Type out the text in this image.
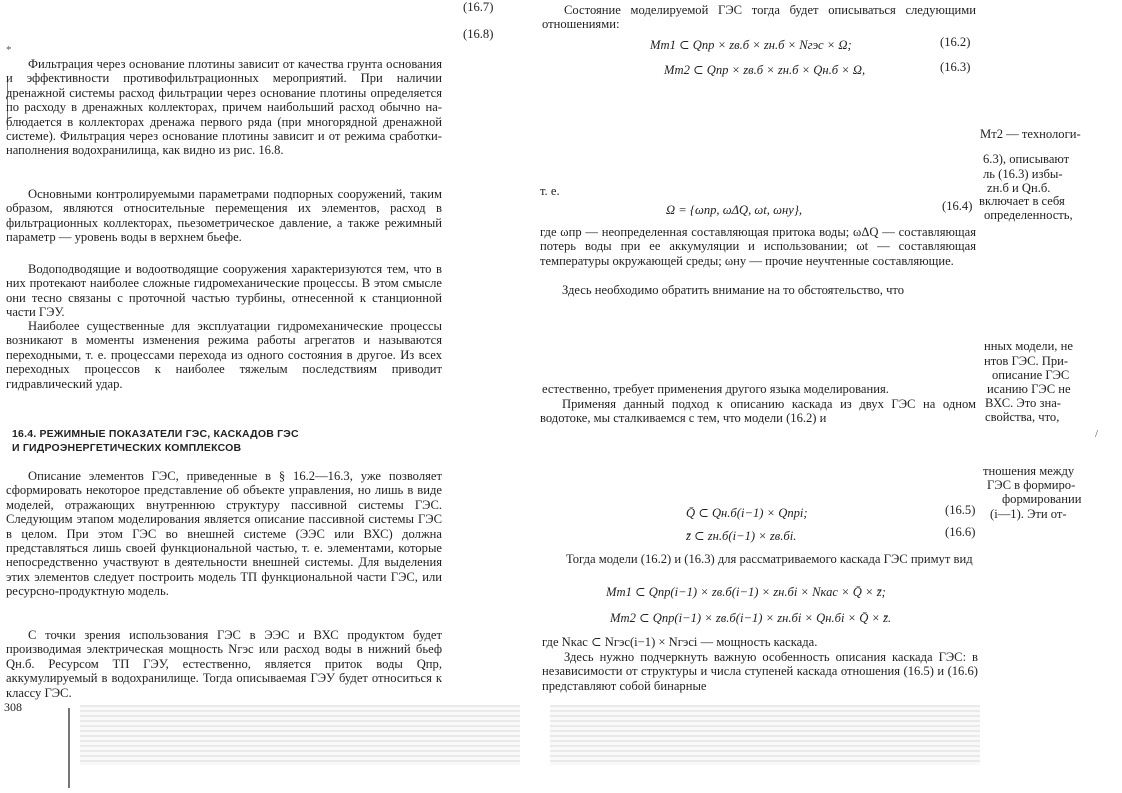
(16.7)
(16.8)
*

Фильтрация через основание плотины зависит от качества грунта основания и эффективности противофильтрационных мероприятий. При наличии дренажной системы расход фильтрации через основание плотины определяется по расходу в дренажных коллекторах, причем наибольший расход обычно наблюдается в коллекторах дренажа первого ряда (при многорядной дренажной системе). Фильтрация через основание плотины зависит и от режима сработки-наполнения водохранилища, как видно из рис. 16.8.

Основными контролируемыми параметрами подпорных сооружений, таким образом, являются относительные перемещения их элементов, расход в фильтрационных коллекторах, пьезометрическое давление, а также режимный параметр — уровень воды в верхнем бьефе.

Водоподводящие и водоотводящие сооружения характеризуются тем, что в них протекают наиболее сложные гидромеханические процессы. В этом смысле они тесно связаны с проточной частью турбины, отнесенной к станционной части ГЭУ.

Наиболее существенные для эксплуатации гидромеханические процессы возникают в моменты изменения режима работы агрегатов и называются переходными, т. е. процессами перехода из одного состояния в другое. Из всех переходных процессов к наиболее тяжелым последствиям приводит гидравлический удар.

16.4. РЕЖИМНЫЕ ПОКАЗАТЕЛИ ГЭС, КАСКАДОВ ГЭС
И ГИДРОЭНЕРГЕТИЧЕСКИХ КОМПЛЕКСОВ

Описание элементов ГЭС, приведенные в § 16.2—16.3, уже позволяет сформировать некоторое представление об объекте управления, но лишь в виде моделей, отражающих внутреннюю структуру пассивной системы ГЭС. Следующим этапом моделирования является описание пассивной системы ГЭС в целом. При этом ГЭС во внешней системе (ЭЭС или ВХС) должна представляться лишь своей функциональной частью, т. е. элементами, которые непосредственно участвуют в деятельности внешней системы. Для выделения этих элементов следует построить модель ТП функциональной части ГЭС, или ресурсно-продуктную модель.

С точки зрения использования ГЭС в ЭЭС и ВХС продуктом будет производимая электрическая мощность Nгэс или расход воды в нижний бьеф Qн.б. Ресурсом ТП ГЭУ, естественно, является приток воды Qпр, аккумулируемый в водохранилище. Тогда описываемая ГЭУ будет относиться к классу ГЭС.

308

Состояние моделируемой ГЭС тогда будет описываться следующими отношениями:

Mт1 ⊂ Qпр × zв.б × zн.б × Nгэс × Ω;	(16.2)
Mт2 ⊂ Qпр × zв.б × zн.б × Qн.б × Ω,	(16.3)
Mт2 — технологи-
6.3), описывают
ль (16.3) избы-
zн.б и Qн.б.
включает в себя
определенность,
т. е.
Ω = {ωпр, ωΔQ, ωt, ωну},	(16.4)

где ωпр — неопределенная составляющая притока воды; ωΔQ — составляющая потерь воды при ее аккумуляции и использовании; ωt — составляющая температуры окружающей среды; ωну — прочие неучтенные составляющие.

Здесь необходимо обратить внимание на то обстоятельство, что

нных модели, не
нтов ГЭС. При-
описание ГЭС
естественно, требует применения другого языка моделирования.	исанию ГЭС не

Применяя данный подход к описанию каскада из двух ГЭС на одном водотоке, мы сталкиваемся с тем, что модели (16.2) и

ВХС. Это зна-
свойства, что,
/
тношения между
ГЭС в формиро-
формировании
(i—1). Эти от-
Q̄ ⊂ Qн.б(i−1) × Qпрi;	(16.5)
z̄ ⊂ zн.б(i−1) × zв.бi.	(16.6)

Тогда модели (16.2) и (16.3) для рассматриваемого каскада ГЭС примут вид

Mт1 ⊂ Qпр(i−1) × zв.б(i−1) × zн.бi × Nкас × Q̄ × z̄;
Mт2 ⊂ Qпр(i−1) × zв.б(i−1) × zн.бi × Qн.бi × Q̄ × z̄.

где Nкас ⊂ Nгэс(i−1) × Nгэсi — мощность каскада.

Здесь нужно подчеркнуть важную особенность описания каскада ГЭС: в независимости от структуры и числа ступеней каскада отношения (16.5) и (16.6) представляют собой бинарные
